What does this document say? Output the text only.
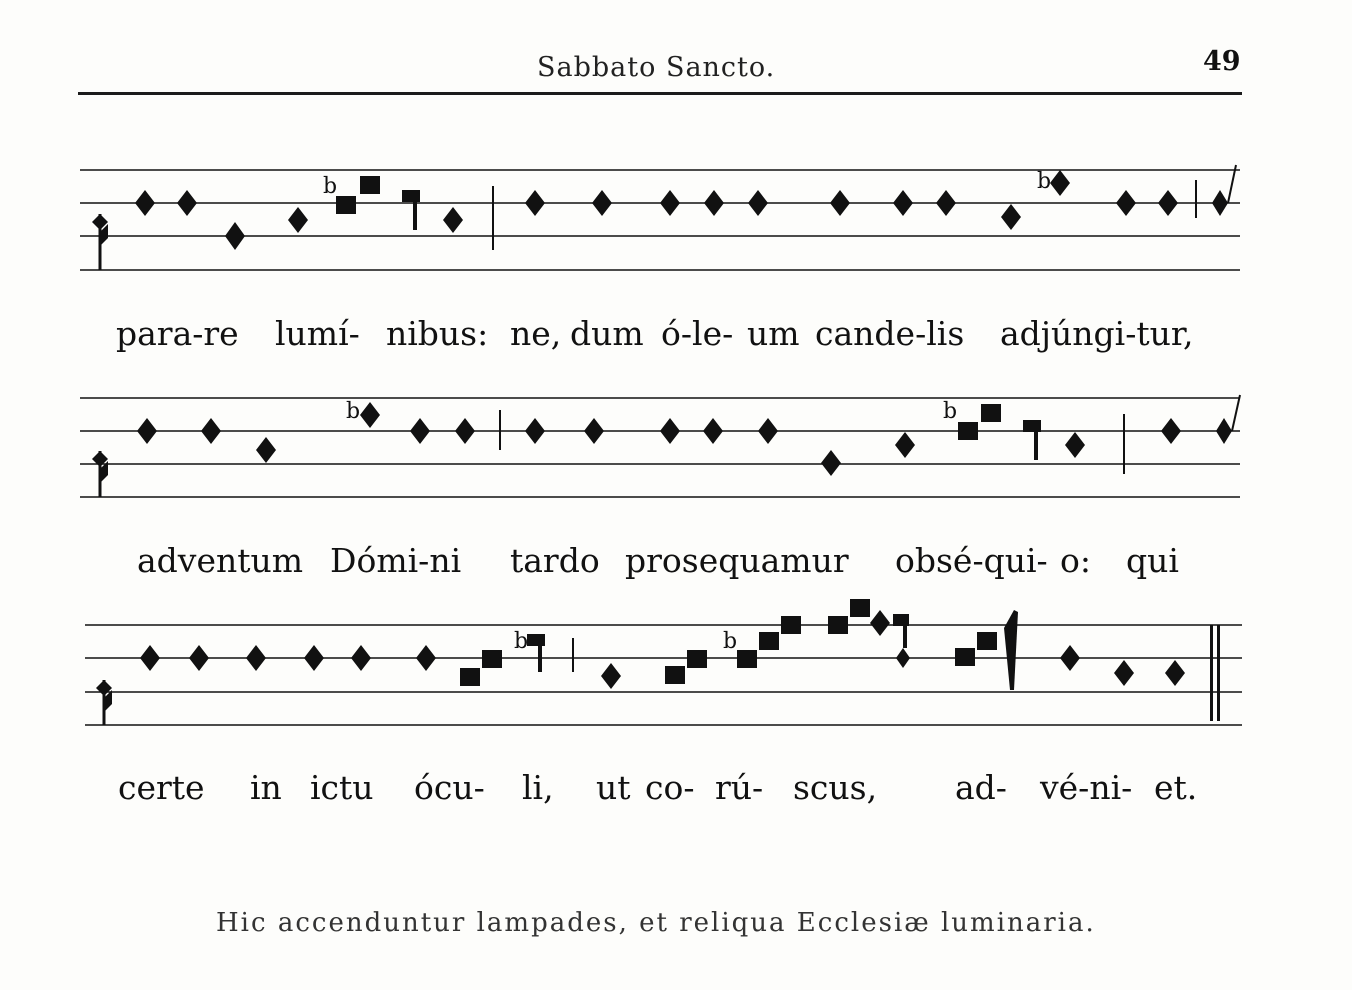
Sabbato Sancto.	49
b	b
b	b
b	b
para-re lumí- nibus: ne, dum ó-le- um cande-lis adjúngi-tur,
adventum Dómi-ni tardo prosequamur obsé-qui- o: qui
certe in ictu ócu- li, ut co- rú- scus, ad- vé-ni- et.
Hic accenduntur lampades, et reliqua Ecclesiæ luminaria.
